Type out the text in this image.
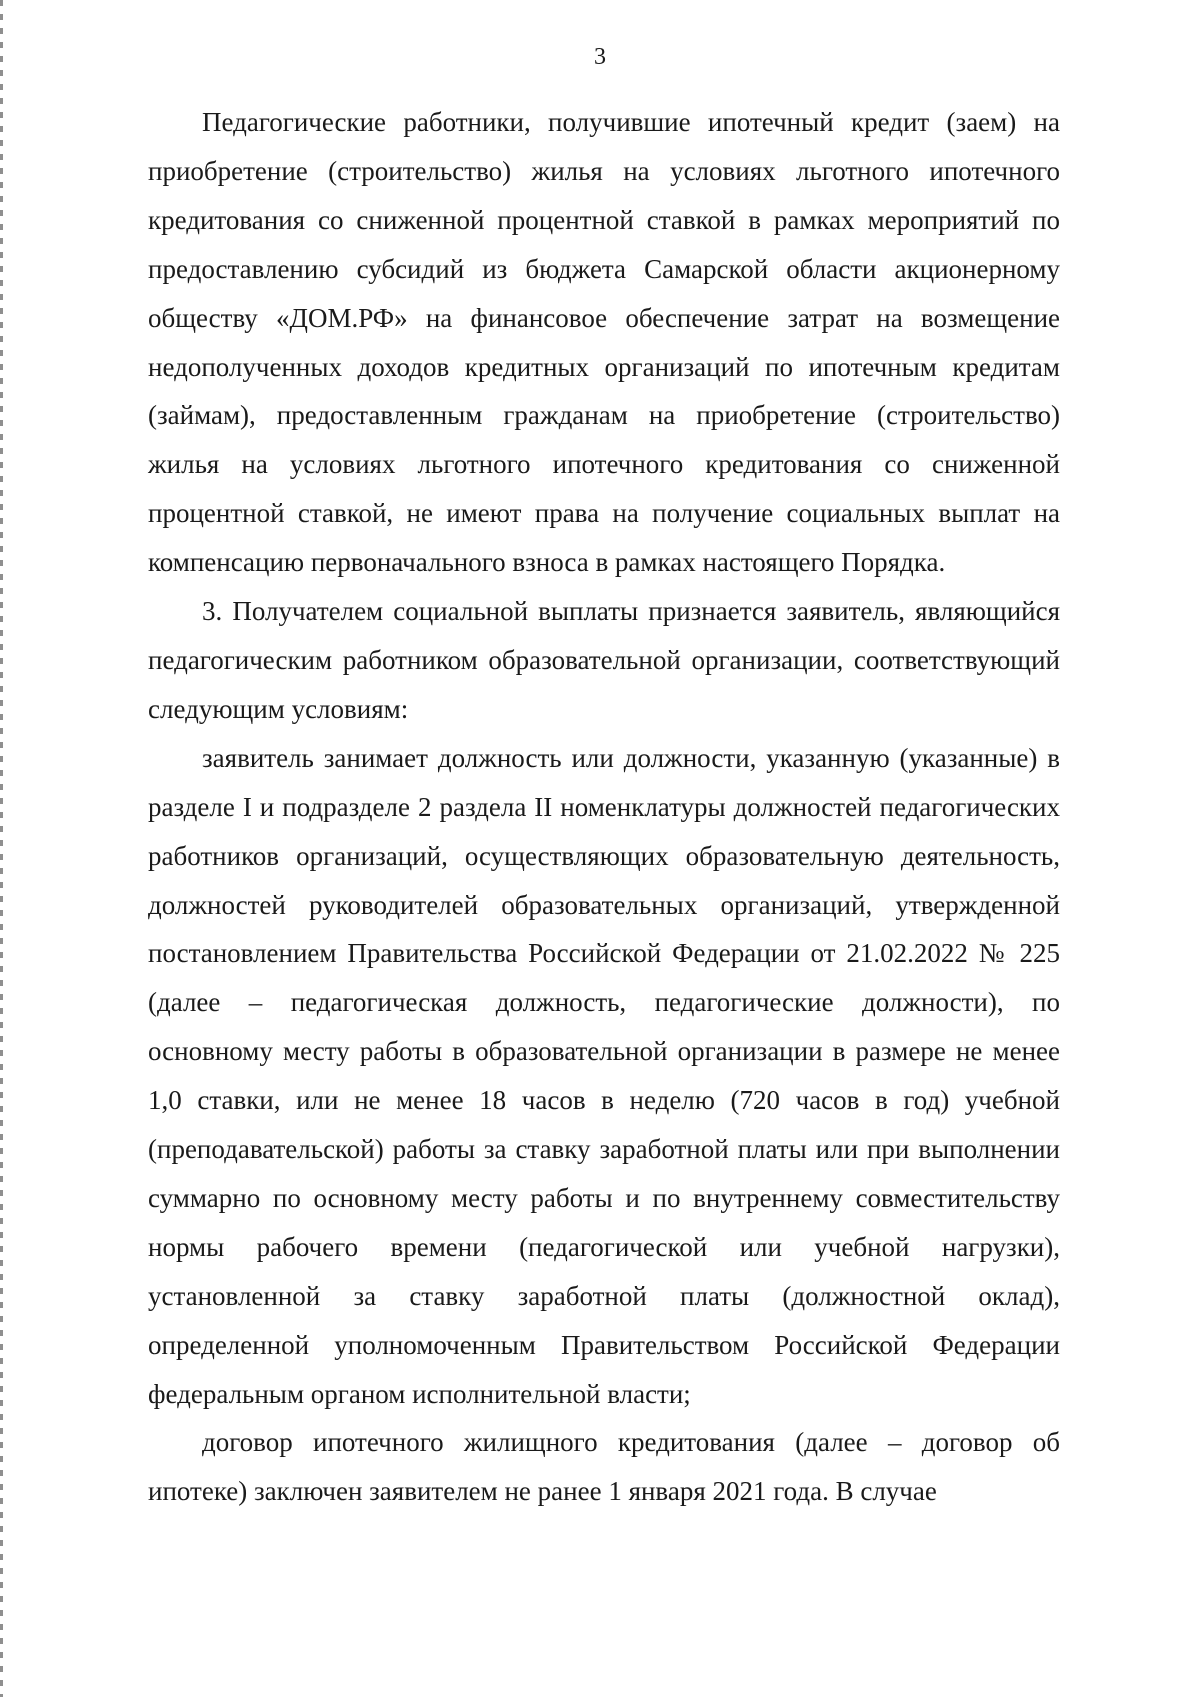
3

Педагогические работники, получившие ипотечный кредит (заем) на приобретение (строительство) жилья на условиях льготного ипотечного кредитования со сниженной процентной ставкой в рамках мероприятий по предоставлению субсидий из бюджета Самарской области акционерному обществу «ДОМ.РФ» на финансовое обеспечение затрат на возмещение недополученных доходов кредитных организаций по ипотечным кредитам (займам), предоставленным гражданам на приобретение (строительство) жилья на условиях льготного ипотечного кредитования со сниженной процентной ставкой, не имеют права на получение социальных выплат на компенсацию первоначального взноса в рамках настоящего Порядка.

3. Получателем социальной выплаты признается заявитель, являющийся педагогическим работником образовательной организации, соответствующий следующим условиям:

заявитель занимает должность или должности, указанную (указанные) в разделе I и подразделе 2 раздела II номенклатуры должностей педагогических работников организаций, осуществляющих образовательную деятельность, должностей руководителей образовательных организаций, утвержденной постановлением Правительства Российской Федерации от 21.02.2022 № 225 (далее – педагогическая должность, педагогические должности), по основному месту работы в образовательной организации в размере не менее 1,0 ставки, или не менее 18 часов в неделю (720 часов в год) учебной (преподавательской) работы за ставку заработной платы или при выполнении суммарно по основному месту работы и по внутреннему совместительству нормы рабочего времени (педагогической или учебной нагрузки), установленной за ставку заработной платы (должностной оклад), определенной уполномоченным Правительством Российской Федерации федеральным органом исполнительной власти;

договор ипотечного жилищного кредитования (далее – договор об ипотеке) заключен заявителем не ранее 1 января 2021 года. В случае
